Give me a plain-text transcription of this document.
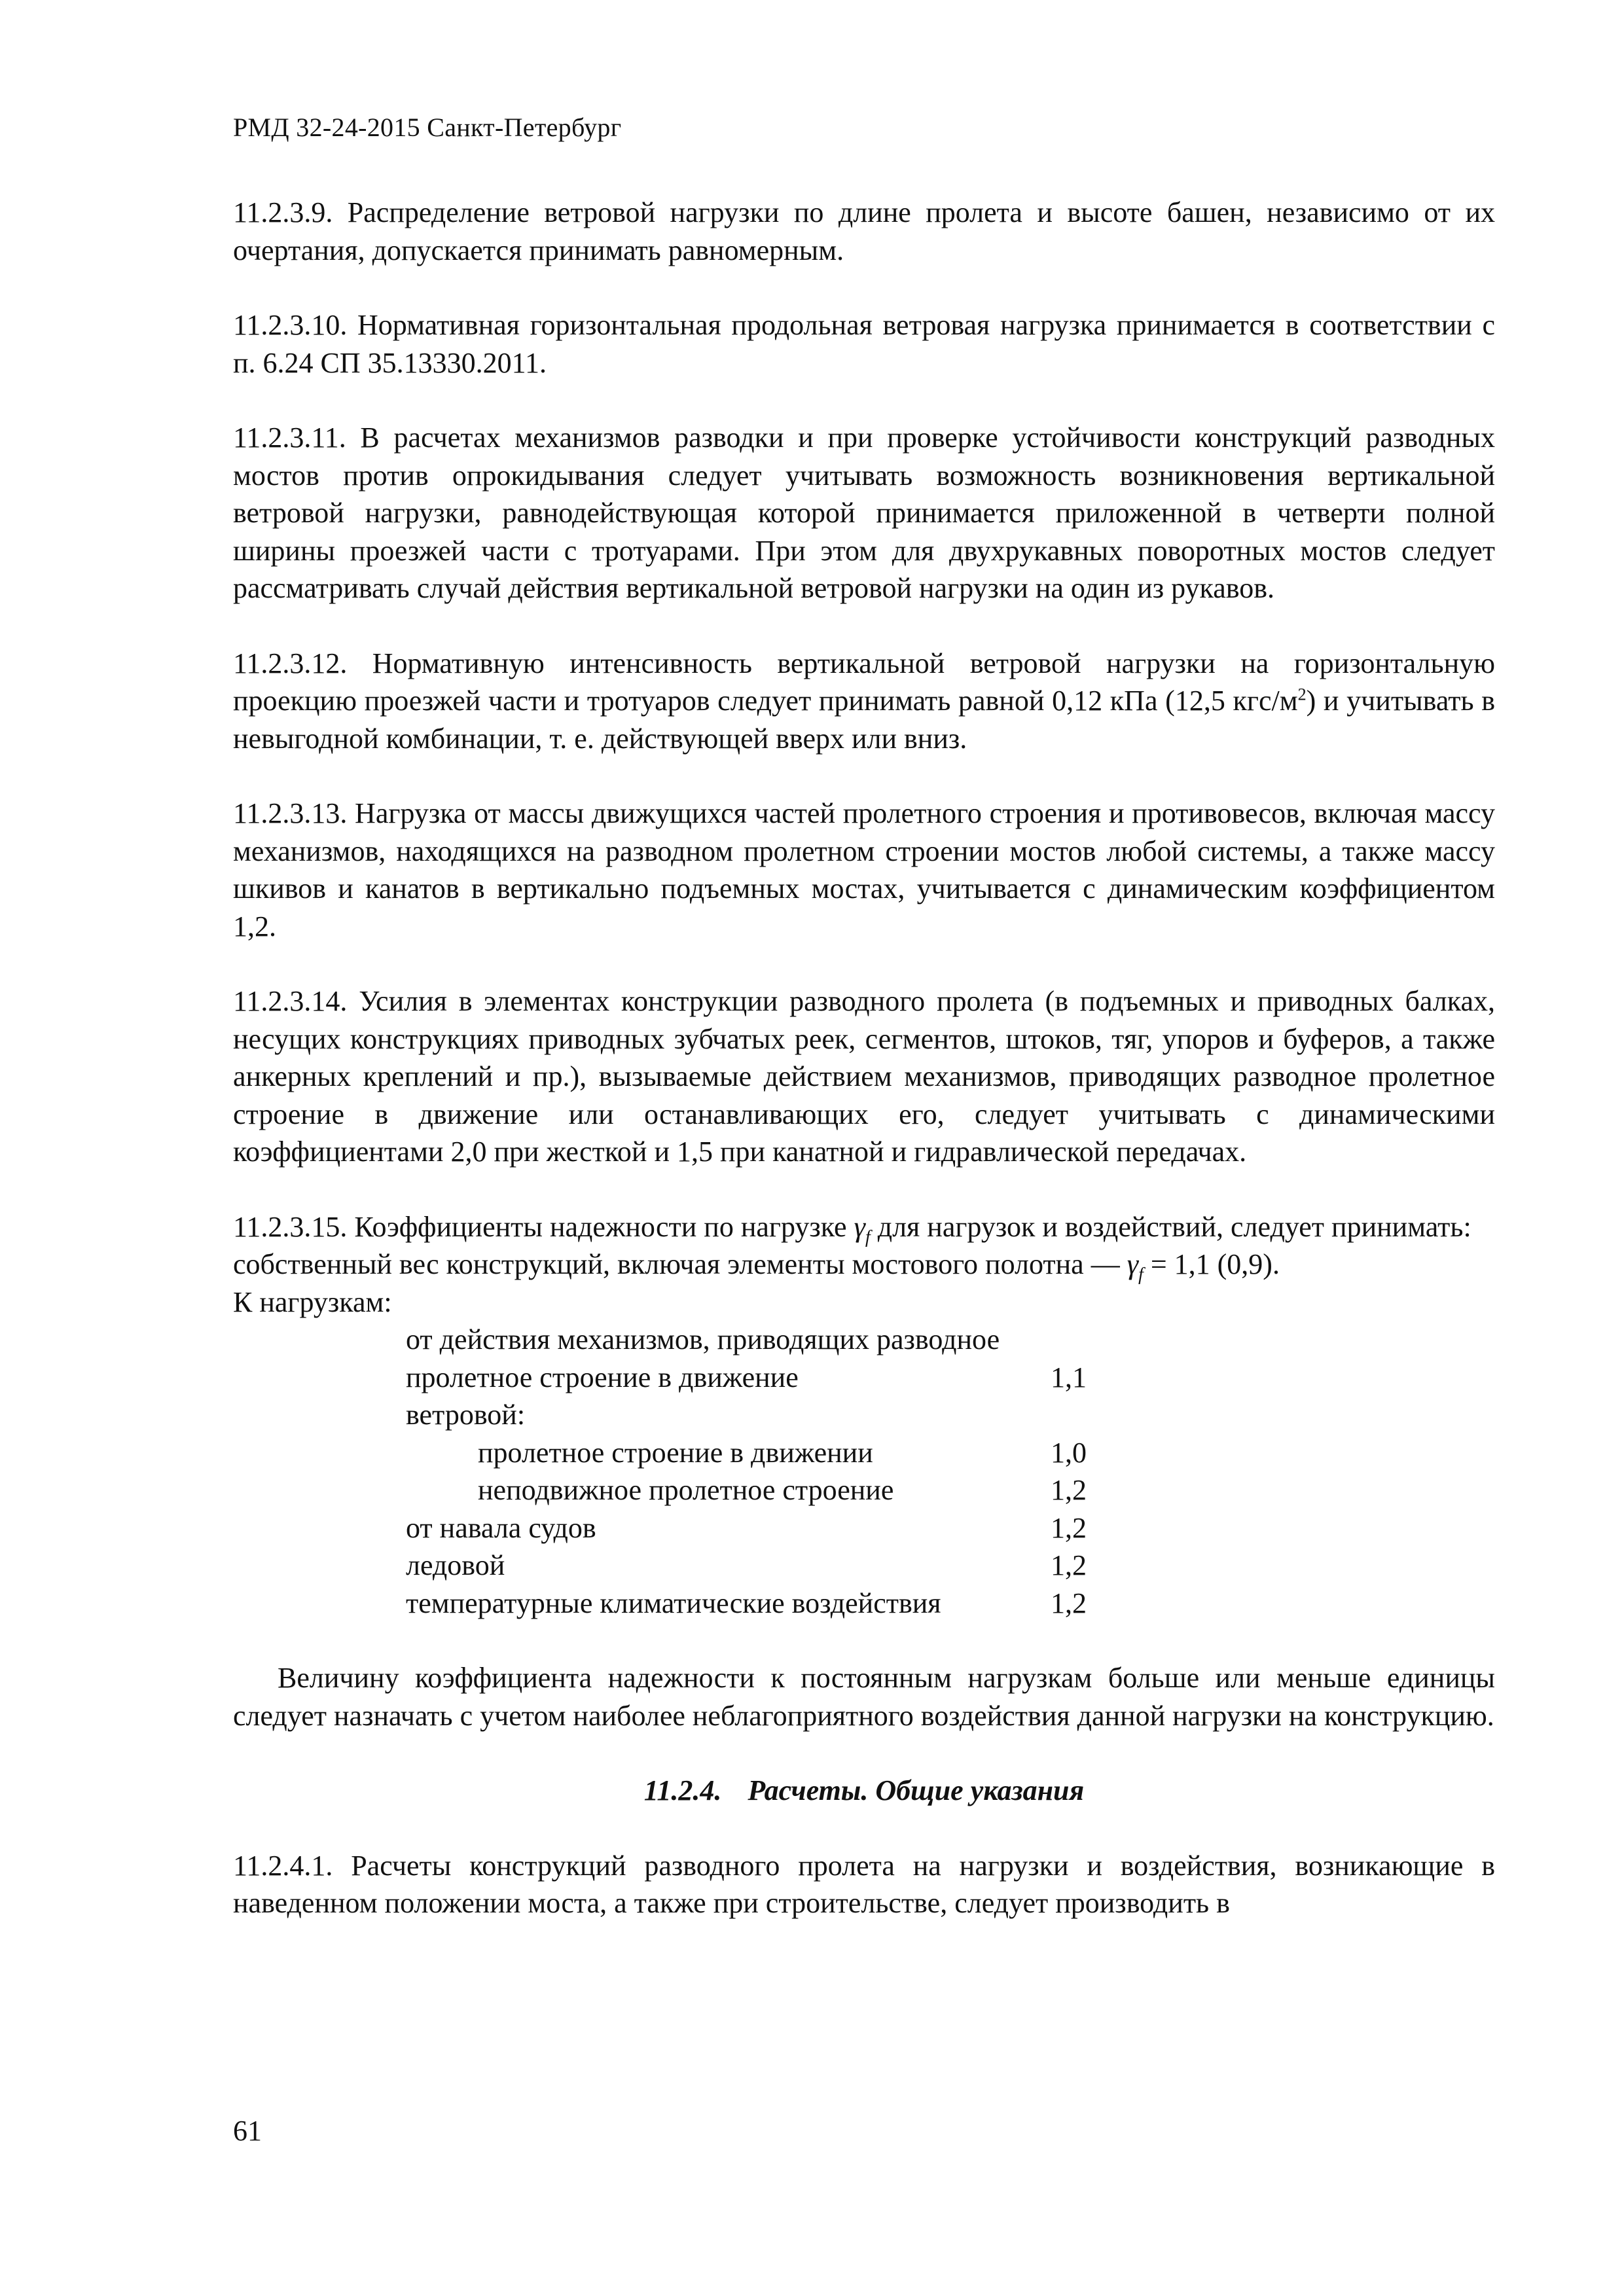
РМД 32-24-2015 Санкт-Петербург

11.2.3.9. Распределение ветровой нагрузки по длине пролета и высоте башен, независимо от их очертания, допускается принимать равномерным.

11.2.3.10. Нормативная горизонтальная продольная ветровая нагрузка принимается в соответствии с п. 6.24 СП 35.13330.2011.

11.2.3.11. В расчетах механизмов разводки и при проверке устойчивости конструкций разводных мостов против опрокидывания следует учитывать возможность возникновения вертикальной ветровой нагрузки, равнодействующая которой принимается приложенной в четверти полной ширины проезжей части с тротуарами. При этом для двухрукавных поворотных мостов следует рассматривать случай действия вертикальной ветровой нагрузки на один из рукавов.

11.2.3.12. Нормативную интенсивность вертикальной ветровой нагрузки на горизонтальную проекцию проезжей части и тротуаров следует принимать равной 0,12 кПа (12,5 кгс/$м^2$) и учитывать в невыгодной комбинации, т. е. действующей вверх или вниз.

11.2.3.13. Нагрузка от массы движущихся частей пролетного строения и противовесов, включая массу механизмов, находящихся на разводном пролетном строении мостов любой системы, а также массу шкивов и канатов в вертикально подъемных мостах, учитывается с динамическим коэффициентом 1,2.

11.2.3.14. Усилия в элементах конструкции разводного пролета (в подъемных и приводных балках, несущих конструкциях приводных зубчатых реек, сегментов, штоков, тяг, упоров и буферов, а также анкерных креплений и пр.), вызываемые действием механизмов, приводящих разводное пролетное строение в движение или останавливающих его, следует учитывать с динамическими коэффициентами 2,0 при жесткой и 1,5 при канатной и гидравлической передачах.

11.2.3.15. Коэффициенты надежности по нагрузке $\gamma_f$ для нагрузок и воздействий, следует принимать:

собственный вес конструкций, включая элементы мостового полотна — $\gamma_f = 1,1$ (0,9).

К нагрузкам:

от действия механизмов, приводящих разводное
пролетное строение в движение	1,1
ветровой:
пролетное строение в движении	1,0
неподвижное пролетное строение	1,2
от навала судов	1,2
ледовой	1,2
температурные климатические воздействия	1,2

Величину коэффициента надежности к постоянным нагрузкам больше или меньше единицы следует назначать с учетом наиболее неблагоприятного воздействия данной нагрузки на конструкцию.

11.2.4. Расчеты. Общие указания

11.2.4.1. Расчеты конструкций разводного пролета на нагрузки и воздействия, возникающие в наведенном положении моста, а также при строительстве, следует производить в

61
